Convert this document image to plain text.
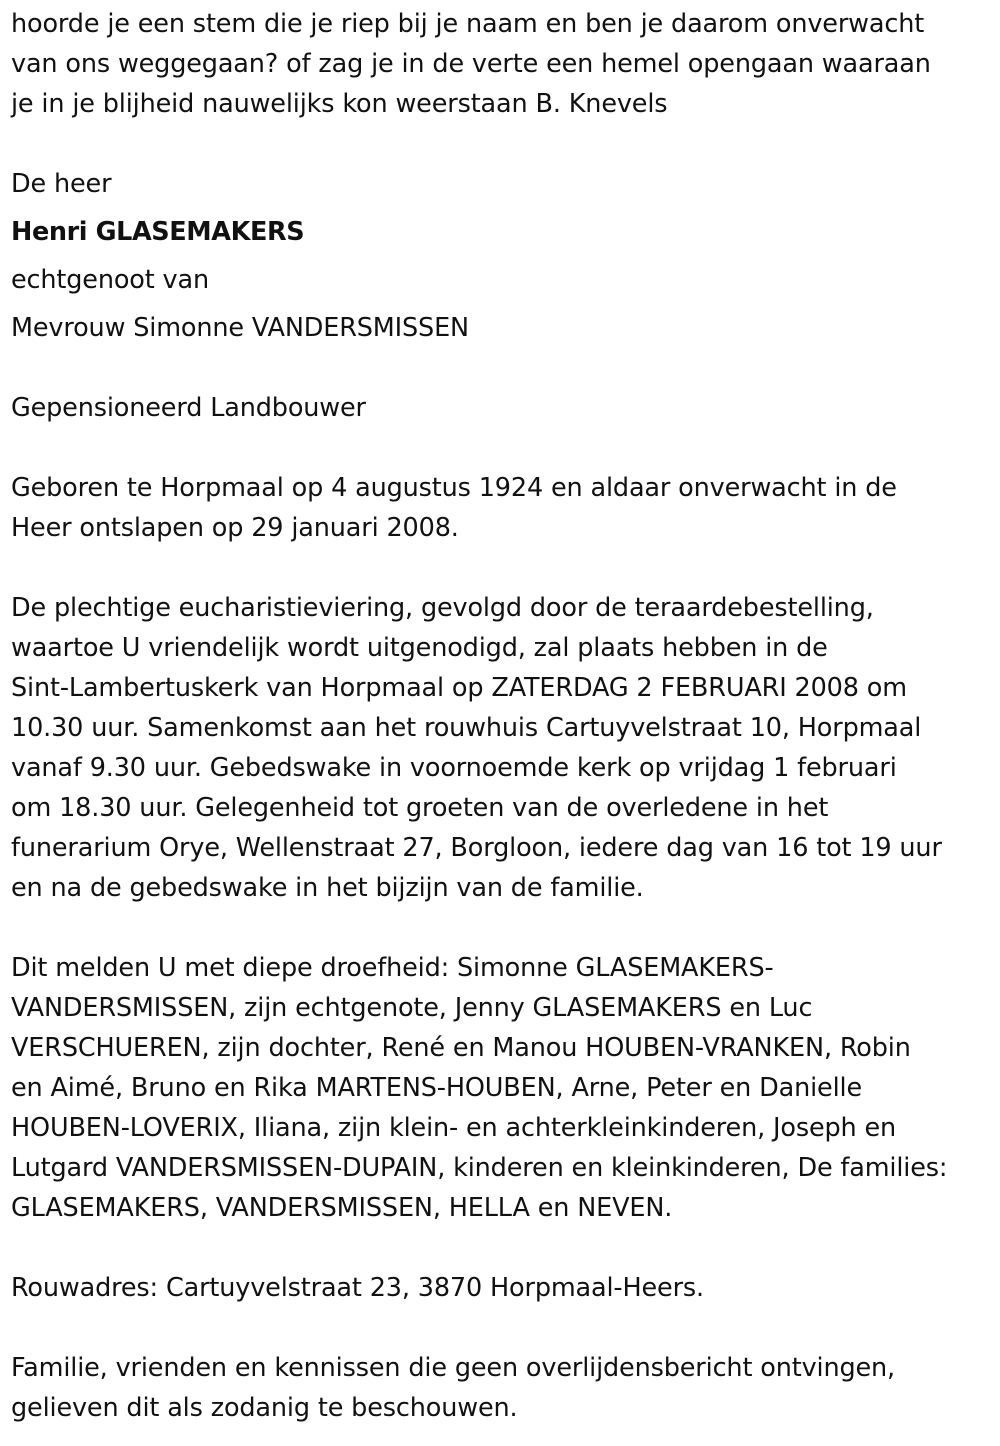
hoorde je een stem die je riep bij je naam en ben je daarom onverwacht
van ons weggegaan? of zag je in de verte een hemel opengaan waaraan
je in je blijheid nauwelijks kon weerstaan B. Knevels
De heer
Henri GLASEMAKERS
echtgenoot van
Mevrouw Simonne VANDERSMISSEN
Gepensioneerd Landbouwer
Geboren te Horpmaal op 4 augustus 1924 en aldaar onverwacht in de
Heer ontslapen op 29 januari 2008.
De plechtige eucharistieviering, gevolgd door de teraardebestelling,
waartoe U vriendelijk wordt uitgenodigd, zal plaats hebben in de
Sint-Lambertuskerk van Horpmaal op ZATERDAG 2 FEBRUARI 2008 om
10.30 uur. Samenkomst aan het rouwhuis Cartuyvelstraat 10, Horpmaal
vanaf 9.30 uur. Gebedswake in voornoemde kerk op vrijdag 1 februari
om 18.30 uur. Gelegenheid tot groeten van de overledene in het
funerarium Orye, Wellenstraat 27, Borgloon, iedere dag van 16 tot 19 uur
en na de gebedswake in het bijzijn van de familie.
Dit melden U met diepe droefheid: Simonne GLASEMAKERS-
VANDERSMISSEN, zijn echtgenote, Jenny GLASEMAKERS en Luc
VERSCHUEREN, zijn dochter, René en Manou HOUBEN-VRANKEN, Robin
en Aimé, Bruno en Rika MARTENS-HOUBEN, Arne, Peter en Danielle
HOUBEN-LOVERIX, Iliana, zijn klein- en achterkleinkinderen, Joseph en
Lutgard VANDERSMISSEN-DUPAIN, kinderen en kleinkinderen, De families:
GLASEMAKERS, VANDERSMISSEN, HELLA en NEVEN.
Rouwadres: Cartuyvelstraat 23, 3870 Horpmaal-Heers.
Familie, vrienden en kennissen die geen overlijdensbericht ontvingen,
gelieven dit als zodanig te beschouwen.
